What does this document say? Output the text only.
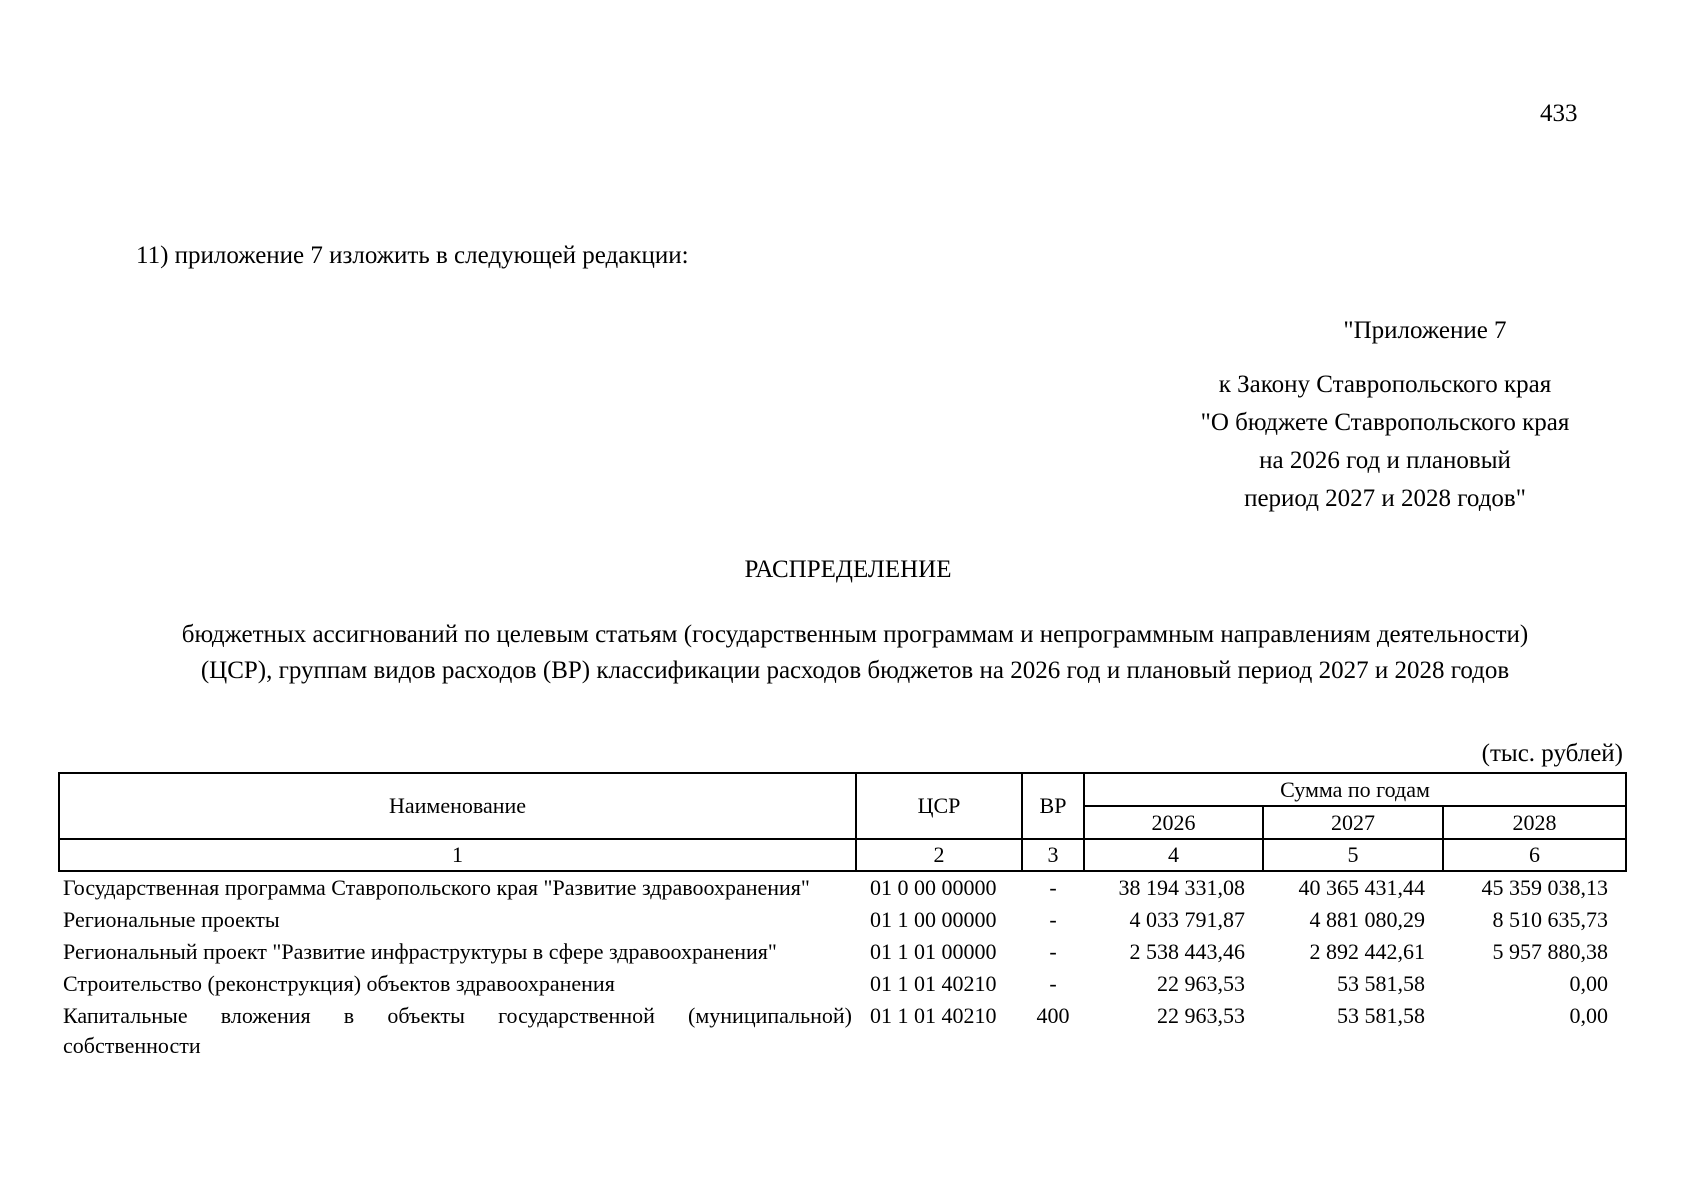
433
11) приложение 7 изложить в следующей редакции:
"Приложение 7
к Закону Ставропольского края
"О бюджете Ставропольского края
на 2026 год и плановый
период 2027 и 2028 годов"
РАСПРЕДЕЛЕНИЕ
бюджетных ассигнований по целевым статьям (государственным программам и непрограммным направлениям деятельности)
(ЦСР), группам видов расходов (ВР) классификации расходов бюджетов на 2026 год и плановый период 2027 и 2028 годов
(тыс. рублей)
Наименование	ЦСР	ВР	Сумма по годам		
			2026	2027	2028
1	2	3	4	5	6
Государственная программа Ставропольского края "Развитие здравоохранения"	01 0 00 00000	-	38 194 331,08	40 365 431,44	45 359 038,13
Региональные проекты	01 1 00 00000	-	4 033 791,87	4 881 080,29	8 510 635,73
Региональный проект "Развитие инфраструктуры в сфере здравоохранения"	01 1 01 00000	-	2 538 443,46	2 892 442,61	5 957 880,38
Строительство (реконструкция) объектов здравоохранения	01 1 01 40210	-	22 963,53	53 581,58	0,00
Капитальные вложения в объекты государственной (муниципальной) собственности	01 1 01 40210	400	22 963,53	53 581,58	0,00
